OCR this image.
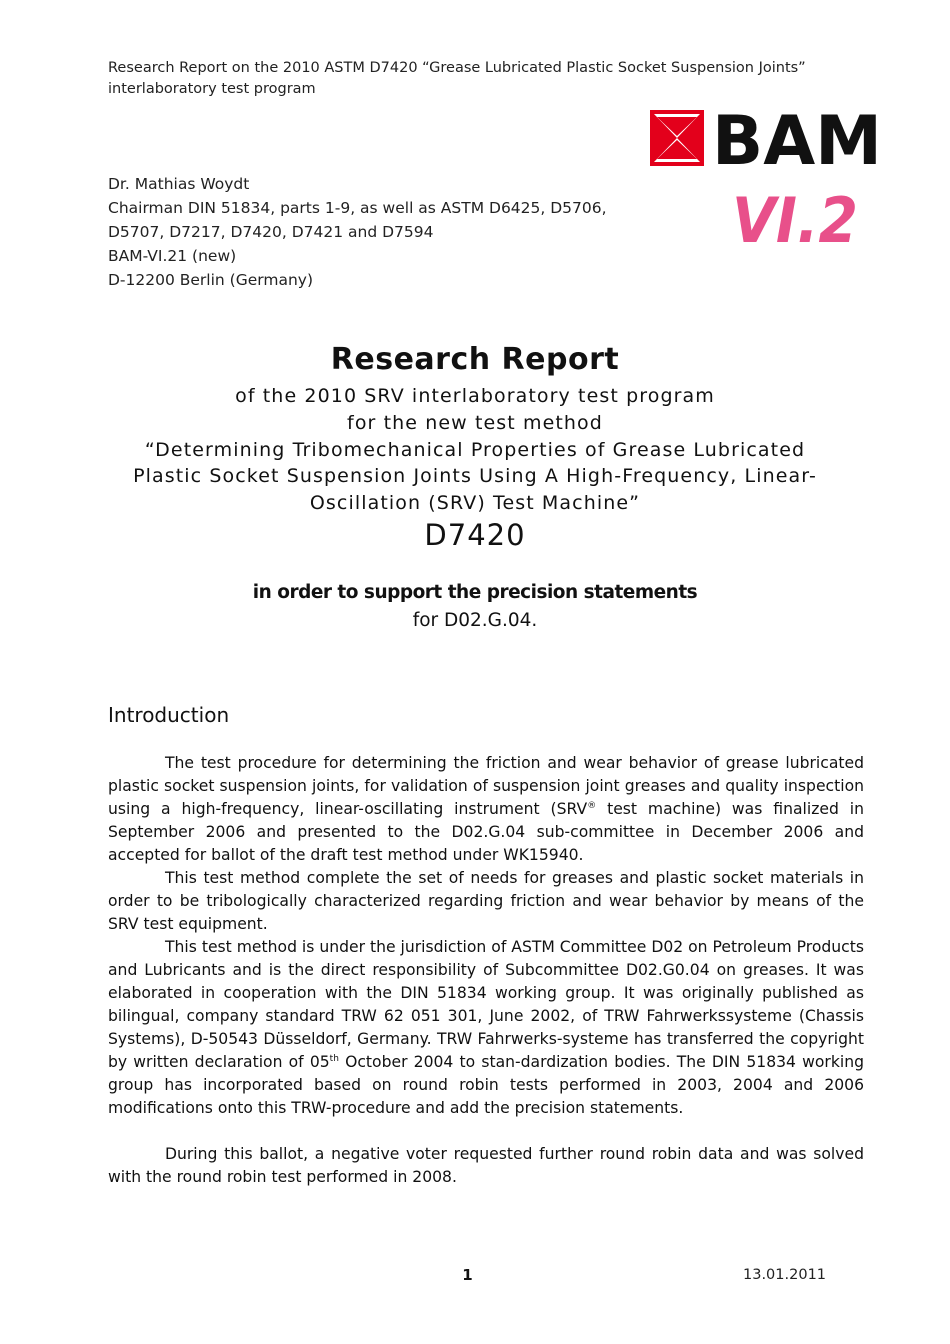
Research Report on the 2010 ASTM D7420 “Grease Lubricated Plastic Socket Suspension Joints”
interlaboratory test program
BAM
VI.2
Dr. Mathias Woydt
Chairman DIN 51834, parts 1-9, as well as ASTM D6425, D5706,
D5707, D7217, D7420, D7421 and D7594
BAM-VI.21 (new)
D-12200 Berlin (Germany)
Research Report
of the 2010 SRV interlaboratory test program
for the new test method
“Determining Tribomechanical Properties of Grease Lubricated
Plastic Socket Suspension Joints Using A High-Frequency, Linear-
Oscillation (SRV) Test Machine”
D7420
in order to support the precision statements
for D02.G.04.
Introduction

The test procedure for determining the friction and wear behavior of grease lubricated plastic socket suspension joints, for validation of suspension joint greases and quality inspection using a high-frequency, linear-oscillating instrument (SRV® test machine) was finalized in September 2006 and presented to the D02.G.04 sub-committee in December 2006 and accepted for ballot of the draft test method under WK15940.

This test method complete the set of needs for greases and plastic socket materials in order to be tribologically characterized regarding friction and wear behavior by means of the SRV test equipment.

This test method is under the jurisdiction of ASTM Committee D02 on Petroleum Products and Lubricants and is the direct responsibility of Subcommittee D02.G0.04 on greases. It was elaborated in cooperation with the DIN 51834 working group. It was originally published as bilingual, company standard TRW 62 051 301, June 2002, of TRW Fahrwerkssysteme (Chassis Systems), D-50543 Düsseldorf, Germany. TRW Fahrwerks-systeme has transferred the copyright by written declaration of 05th October 2004 to stan-dardization bodies. The DIN 51834 working group has incorporated based on round robin tests performed in 2003, 2004 and 2006 modifications onto this TRW-procedure and add the precision statements.

During this ballot, a negative voter requested further round robin data and was solved with the round robin test performed in 2008.

1	13.01.2011
